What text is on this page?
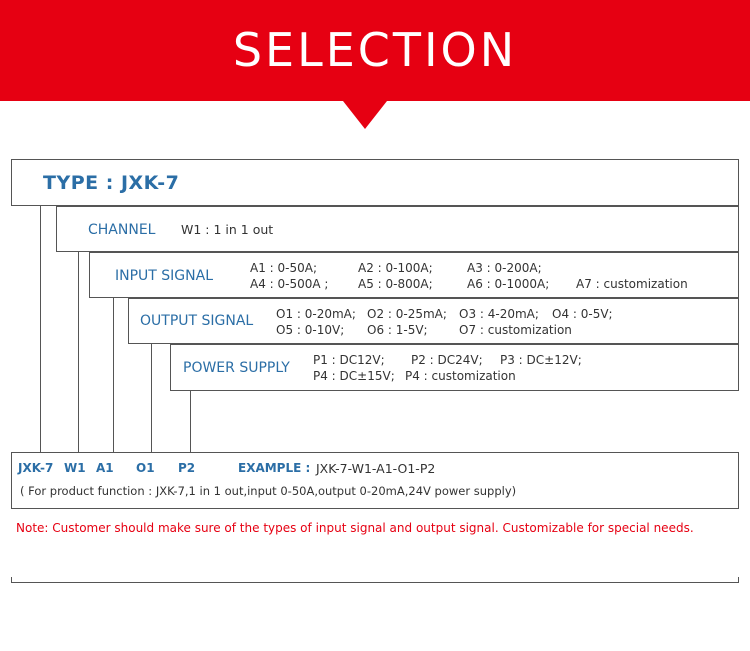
SELECTION
TYPE : JXK-7
CHANNEL W1 : 1 in 1 out
INPUT SIGNAL	A1 : 0-50A;	A2 : 0-100A;	A3 : 0-200A;
A4 : 0-500A ; A5 : 0-800A;	A6 : 0-1000A; A7 : customization
OUTPUT SIGNAL O1 : 0-20mA; O2 : 0-25mA; O3 : 4-20mA; O4 : 0-5V;
O5 : 0-10V; O6 : 1-5V;	O7 : customization
POWER SUPPLY P1 : DC12V; P2 : DC24V; P3 : DC±12V;
P4 : DC±15V; P4 : customization
JXK-7 W1 A1 O1 P2	EXAMPLE : JXK-7-W1-A1-O1-P2
( For product function : JXK-7,1 in 1 out,input 0-50A,output 0-20mA,24V power supply)
Note: Customer should make sure of the types of input signal and output signal. Customizable for special needs.
